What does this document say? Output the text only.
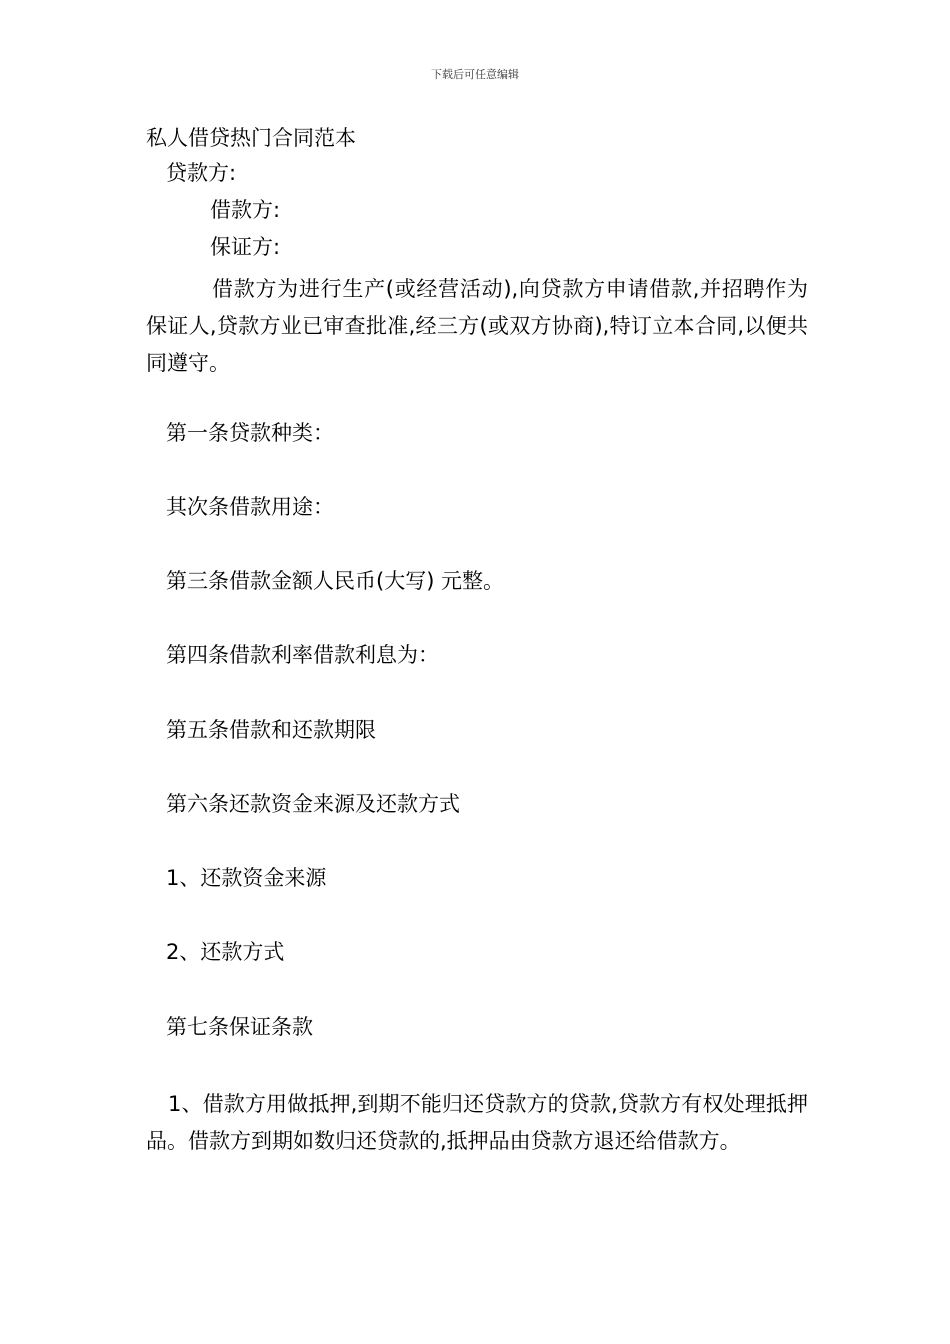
下载后可任意编辑
私人借贷热门合同范本
贷款方:
借款方:
保证方:
借款方为进行生产(或经营活动),向贷款方申请借款,并招聘作为保证人,贷款方业已审查批准,经三方(或双方协商),特订立本合同,以便共同遵守。
第一条贷款种类：
其次条借款用途：
第三条借款金额人民币(大写) 元整。
第四条借款利率借款利息为：
第五条借款和还款期限
第六条还款资金来源及还款方式
1、还款资金来源
2、还款方式
第七条保证条款
1、借款方用做抵押,到期不能归还贷款方的贷款,贷款方有权处理抵押品。借款方到期如数归还贷款的,抵押品由贷款方退还给借款方。
